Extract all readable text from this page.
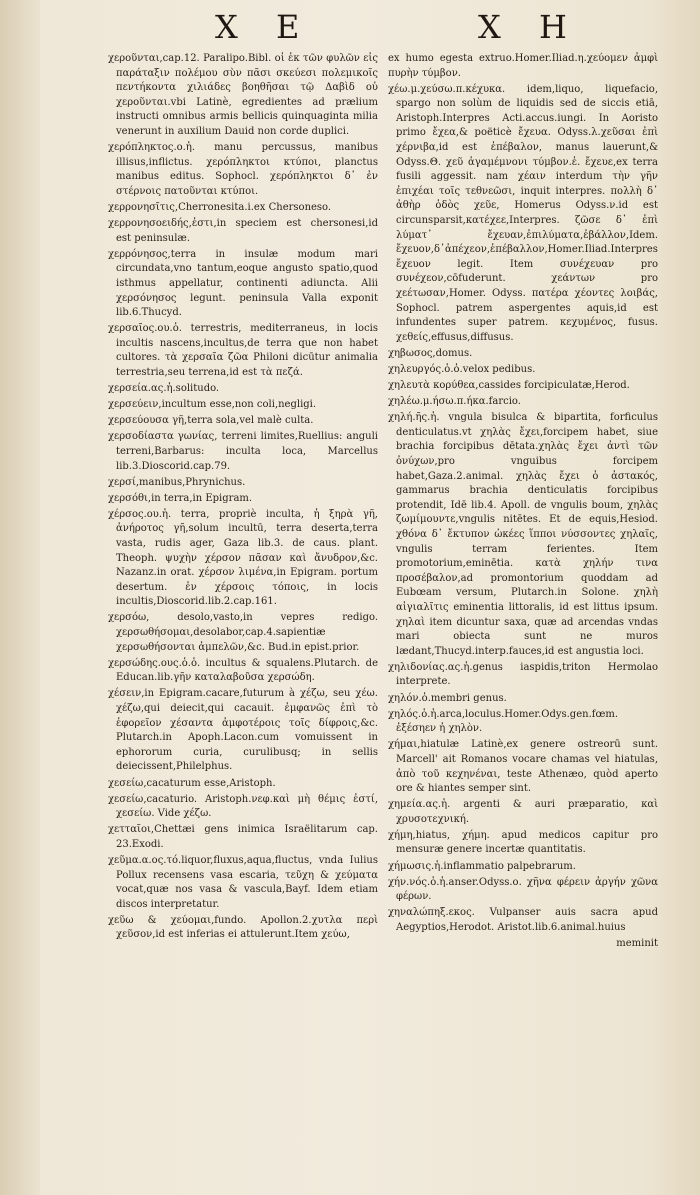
X E	X H

χεροῦνται,cap.12. Paralipo.Bibl. οἱ ἐκ τῶν φυλῶν εἰς παράταξιν πολέμου σὺν πᾶσι σκεύεσι πολεμικοῖς πεντήκοντα χιλιάδες βοηθῆσαι τῷ Δαβὶδ οὐ χεροῦνται.vbi Latinè, egredientes ad prælium instructi omnibus armis bellicis quinquaginta milia venerunt in auxilium Dauid non corde duplici.

χερόπληκτος.ο.ἡ. manu percussus, manibus illisus,inflictus. χερόπληκτοι κτύποι, planctus manibus editus. Sophocl. χερόπληκτοι δ᾽ ἐν στέρνοις πατοῦνται κτύποι.

χερρονησῖτις,Cherronesita.i.ex Chersoneso.

χερρονησοειδής,ἐστι,in speciem est chersonesi,id est peninsulæ.

χερρόνησος,terra in insulæ modum mari circundata,vno tantum,eoque angusto spatio,quod isthmus appellatur, continenti adiuncta. Alii χερσόνησος legunt. peninsula Valla exponit lib.6.Thucyd.

χερσαῖος.ου.ὁ. terrestris, mediterraneus, in locis incultis nascens,incultus,de terra que non habet cultores. τὰ χερσαῖα ζῶα Philoni dicūtur animalia terrestria,seu terrena,id est τὰ πεζά.

χερσεία.ας.ἡ.solitudo.

χερσεύειν,incultum esse,non coli,negligi.

χερσεύουσα γῆ,terra sola,vel malè culta.

χερσοδίαστα γωνίας, terreni limites,Ruellius: anguli terreni,Barbarus: inculta loca, Marcellus lib.3.Dioscorid.cap.79.

χερσί,manibus,Phrynichus.

χερσόθι,in terra,in Epigram.

χέρσος.ου.ἡ. terra, propriè inculta, ἡ ξηρὰ γῆ, ἀνήροτος γῆ,solum incultū, terra deserta,terra vasta, rudis ager, Gaza lib.3. de caus. plant. Theoph. ψυχὴν χέρσον πᾶσαν καὶ ἄνυδρον,&c. Nazanz.in orat. χέρσον λιμένα,in Epigram. portum desertum. ἐν χέρσοις τόποις, in locis incultis,Dioscorid.lib.2.cap.161.

χερσόω, desolo,vasto,in vepres redigo. χερσωθήσομαι,desolabor,cap.4.sapientiæ χερσωθήσονται ἀμπελῶν,&c. Bud.in epist.prior.

χερσώδης.ους.ὁ.ὁ. incultus & squalens.Plutarch. de Educan.lib.γῆν καταλαβοῦσα χερσώδη.

χέσειν,in Epigram.cacare,futurum à χέζω, seu χέω. χέζω,qui deiecit,qui cacauit. ἐμφανῶς ἐπὶ τὸ ἐφορεῖον χέσαντα ἀμφοτέροις τοῖς δίφροις,&c. Plutarch.in Apoph.Lacon.cum vomuissent in ephororum curia, curulibusq; in sellis deiecissent,Philelphus.

χεσείω,cacaturum esse,Aristoph.

χεσείω,cacaturio. Aristoph.νεφ.καὶ μὴ θέμις ἐστί, χεσείω. Vide χέζω.

χετταῖοι,Chettæi gens inimica Israëlitarum cap. 23.Exodi.

χεῦμα.α.ος.τό.liquor,fluxus,aqua,fluctus, vnda Iulius Pollux recensens vasa escaria, τεῦχη & χεύματα vocat,quæ nos vasa & vascula,Bayf. Idem etiam discos interpretatur.

χεῦω & χεύομαι,fundo. Apollon.2.χυτλα περὶ χεῦσον,id est inferias ei attulerunt.Item χεύω,

ex humo egesta extruo.Homer.Iliad.η.χεύομεν ἀμφὶ πυρὴν τύμβον.

χέω.μ.χεύσω.π.κέχυκα. idem,liquo, liquefacio, spargo non solùm de liquidis sed de siccis etiā, Aristoph.Interpres Acti.accus.iungi. In Aoristo primo ἔχεα,& poëticè ἔχευα. Odyss.λ.χεῦσαι ἐπὶ χέρνιβα,id est ἐπέβαλον, manus lauerunt,& Odyss.Θ. χεῦ ἀγαμέμνονι τύμβον.ἐ. ἔχευε,ex terra fusili aggessit. nam χέαιν interdum τὴν γῆν ἐπιχέαι τοῖς τεθνεῶσι, inquit interpres. πολλὴ δ᾽ ἀθὴρ ὁδὸς χεῦε, Homerus Odyss.ν.id est circunsparsit,κατέχεε,Interpres. ζῶσε δ᾽ ἐπὶ λύματ᾽ ἔχευαν,ἐπιλύματα,ἐβάλλον,Idem. ἔχευον,δ᾽ἀπέχεον,ἐπέβαλλον,Homer.Iliad.Interpres ἔχευον legit. Item συνέχευαν pro συνέχεον,cōfuderunt. χεάντων pro χεέτωσαν,Homer. Odyss. πατέρα χέοντες λοιβάς, Sophocl. patrem aspergentes aquis,id est infundentes super patrem. κεχυμένος, fusus. χεθείς,effusus,diffusus.

χηβωσος,domus.

χηλευργός.ὁ.ὁ.velox pedibus.

χηλευτὰ κορύθεα,cassides forcipiculatæ,Herod.

χηλέω.μ.ήσω.π.ήκα.farcio.

χηλή.ῆς.ἡ. vngula bisulca & bipartita, forficulus denticulatus.vt χηλὰς ἔχει,forcipem habet, siue brachia forcipibus dētata.χηλὰς ἔχει ἀντὶ τῶν ὀνύχων,pro vnguibus forcipem habet,Gaza.2.animal. χηλὰς ἔχει ὁ ἀστακός, gammarus brachia denticulatis forcipibus protendit, Idē lib.4. Apoll. de vngulis boum, χηλὰς ζωμίμουντε,vngulis nitētes. Et de equis,Hesiod. χθόνα δ᾽ ἔκτυπον ὠκέες ἵπποι νύσσοντες χηλαῖς, vngulis terram ferientes. Item promotorium,eminētia. κατὰ χηλήν τινα προσέβαλον,ad promontorium quoddam ad Eubœam versum, Plutarch.in Solone. χηλὴ αἰγιαλῖτις eminentia littoralis, id est littus ipsum. χηλαὶ item dicuntur saxa, quæ ad arcendas vndas mari obiecta sunt ne muros lædant,Thucyd.interp.fauces,id est angustia loci.

χηλιδονίας.ας.ἡ.genus iaspidis,triton Hermolao interprete.

χηλόν.ὁ.membri genus.

χηλός.ὁ.ἡ.arca,loculus.Homer.Odys.gen.fœm. ἐξέσηεν ἠ χηλὸν.

χήμαι,hiatulæ Latinè,ex genere ostreorū sunt. Marcell' ait Romanos vocare chamas vel hiatulas, ἀπὸ τοῦ κεχηνέναι, teste Athenæo, quòd aperto ore & hiantes semper sint.

χημεία.ας.ἡ. argenti & auri præparatio, καὶ χρυσοτεχνική.

χήμη,hiatus, χήμη. apud medicos capitur pro mensuræ genere incertæ quantitatis.

χήμωσις.ἡ.inflammatio palpebrarum.

χήν.νός.ὁ.ἡ.anser.Odyss.ο. χῆνα φέρειν ἀργήν χῶνα φέρων.

χηναλώπηξ.εκος. Vulpanser auis sacra apud Aegyptios,Herodot. Aristot.lib.6.animal.huius

meminit
